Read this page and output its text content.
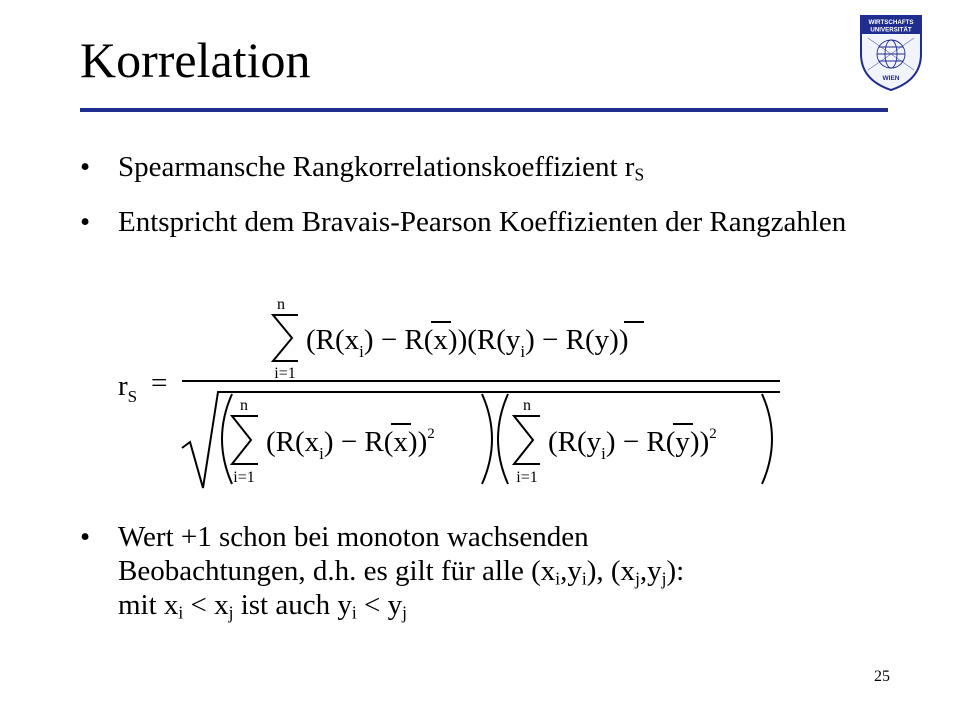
Korrelation
WIRTSCHAFTS
UNIVERSITÄT
WIEN
• Spearmansche Rangkorrelationskoeffizient $r_S$
• Entspricht dem Bravais-Pearson Koeffizienten der Rangzahlen
$r_S$ =
n
i=1
$(R(x_i) - R(x))(R(y_i) - R(y))$
n
i=1
$(R(x_i) - R(x))^2$
n
i=1
$(R(y_i) - R(y))^2$
• Wert +1 schon bei monoton wachsenden
Beobachtungen, d.h. es gilt für alle $(x_i,y_i)$, $(x_j,y_j)$:
mit $x_i < x_j$ ist auch $y_i < y_j$
25
